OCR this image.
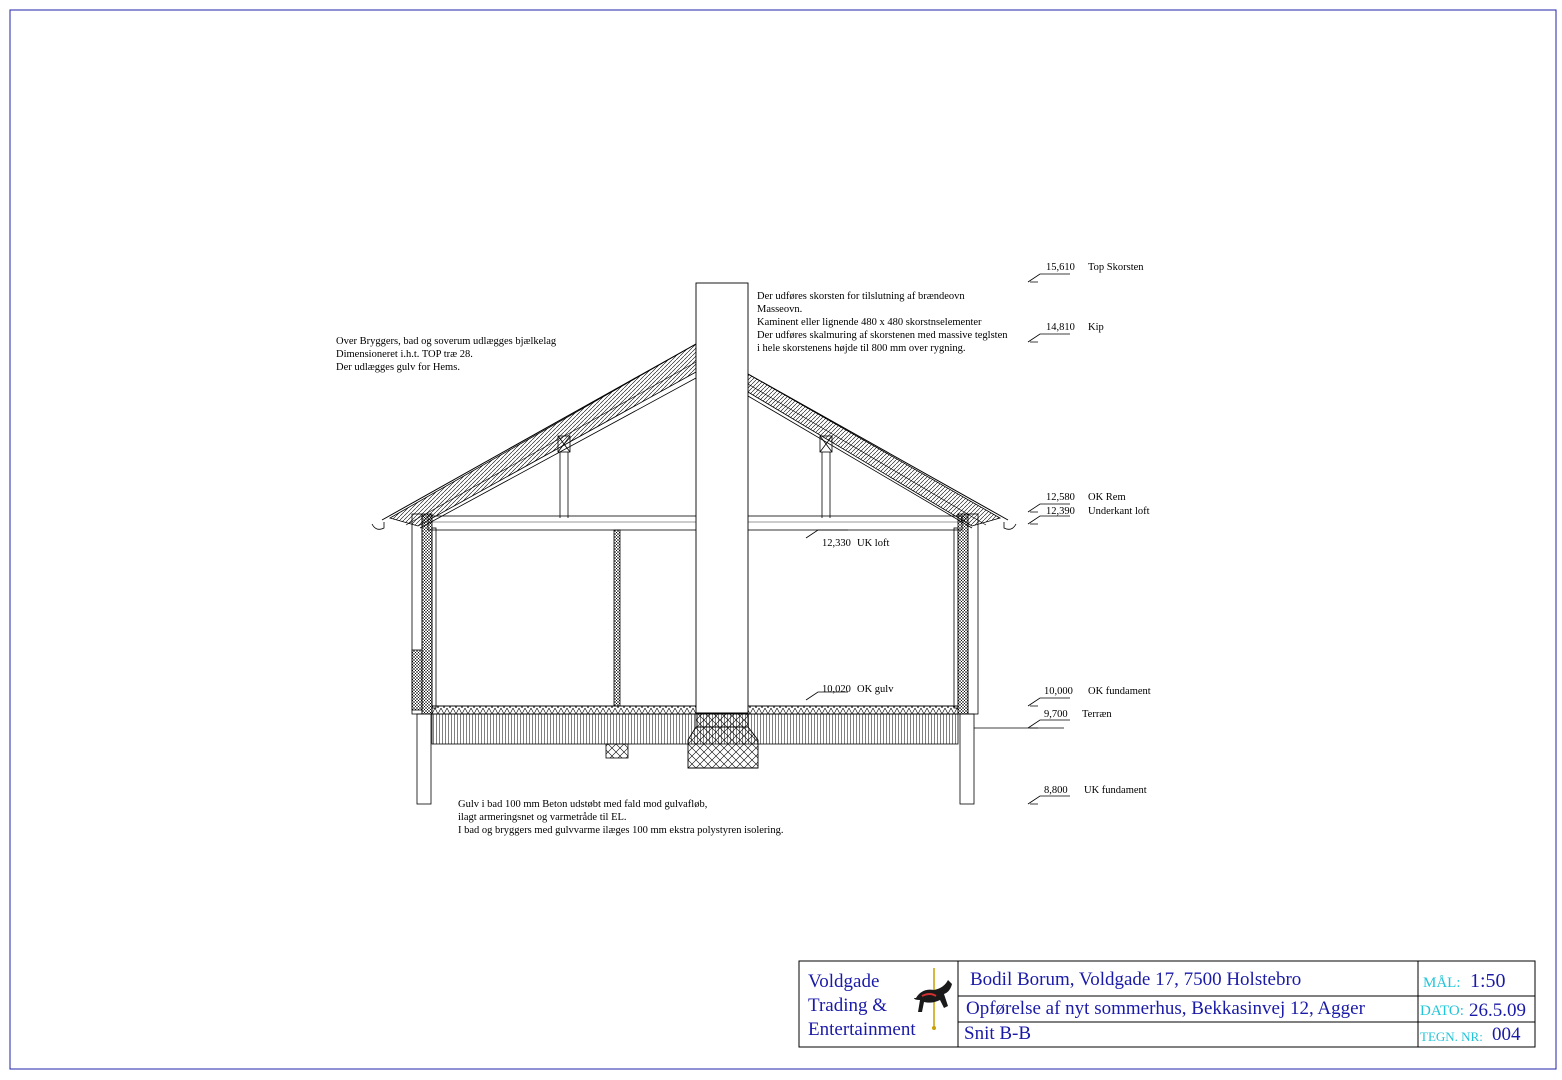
Over Bryggers, bad og soverum udlægges bjælkelag
Dimensioneret i.h.t. TOP træ 28.
Der udlægges gulv for Hems.
Der udføres skorsten for tilslutning af brændeovn
Masseovn.
Kaminent eller lignende 480 x 480 skorstnselementer
Der udføres skalmuring af skorstenen med massive teglsten
i hele skorstenens højde til 800 mm over rygning.
Gulv i bad 100 mm Beton udstøbt med fald mod gulvafløb,
ilagt armeringsnet og varmetråde til EL.
I bad og bryggers med gulvvarme ilæges 100 mm ekstra polystyren isolering.
15,610 Top Skorsten
14,810 Kip
12,580 OK Rem
12,390 Underkant loft
10,000 OK fundament
9,700 Terræn
8,800 UK fundament
12,330 UK loft
10,020 OK gulv
Voldgade
Trading &
Entertainment
Bodil Borum, Voldgade 17, 7500 Holstebro
Opførelse af nyt sommerhus, Bekkasinvej 12, Agger
Snit B-B
MÅL: 1:50
DATO: 26.5.09
TEGN. NR: 004
